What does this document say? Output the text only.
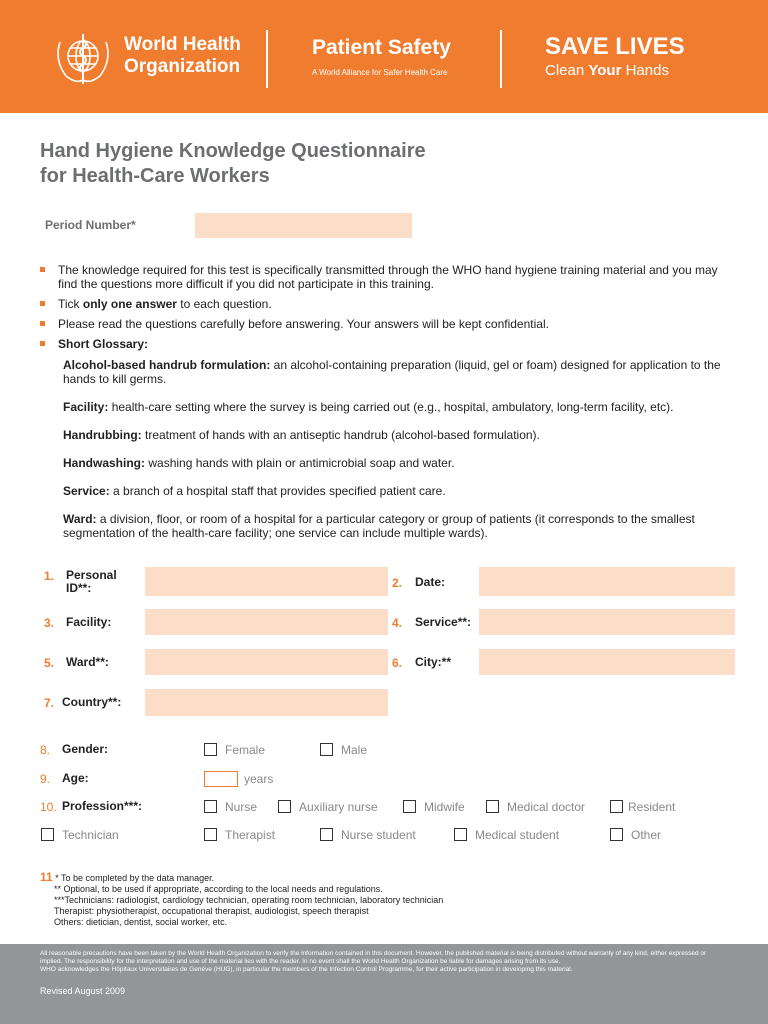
World Health
Organization
Patient Safety
A World Alliance for Safer Health Care
SAVE LIVES
Clean Your Hands
Hand Hygiene Knowledge Questionnaire
for Health-Care Workers
Period Number*
The knowledge required for this test is specifically transmitted through the WHO hand hygiene training material and you may find the questions more difficult if you did not participate in this training.
Tick only one answer to each question.
Please read the questions carefully before answering. Your answers will be kept confidential.
Short Glossary:
Alcohol-based handrub formulation: an alcohol-containing preparation (liquid, gel or foam) designed for application to the hands to kill germs.
Facility: health-care setting where the survey is being carried out (e.g., hospital, ambulatory, long-term facility, etc).
Handrubbing: treatment of hands with an antiseptic handrub (alcohol-based formulation).
Handwashing: washing hands with plain or antimicrobial soap and water.
Service: a branch of a hospital staff that provides specified patient care.
Ward: a division, floor, or room of a hospital for a particular category or group of patients (it corresponds to the smallest segmentation of the health-care facility; one service can include multiple wards).
1. Personal ID**:	2. Date:
3. Facility:	4. Service**:
5. Ward**:	6. City:**
7. Country**:
8. Gender:	Female	Male
9. Age:	years
10. Profession***:	Nurse	Auxiliary nurse	Midwife	Medical doctor	Resident
Technician	Therapist	Nurse student	Medical student	Other
11 * To be completed by the data manager.
** Optional, to be used if appropriate, according to the local needs and regulations.
***Technicians: radiologist, cardiology technician, operating room technician, laboratory technician
Therapist: physiotherapist, occupational therapist, audiologist, speech therapist
Others: dietician, dentist, social worker, etc.
All reasonable precautions have been taken by the World Health Organization to verify the information contained in this document. However, the published material is being distributed without warranty of any kind, either expressed or implied. The responsibility for the interpretation and use of the material lies with the reader. In no event shall the World Health Organization be liable for damages arising from its use.
WHO acknowledges the Hôpitaux Universitaires de Genève (HUG), in particular the members of the Infection Control Programme, for their active participation in developing this material.
Revised August 2009
